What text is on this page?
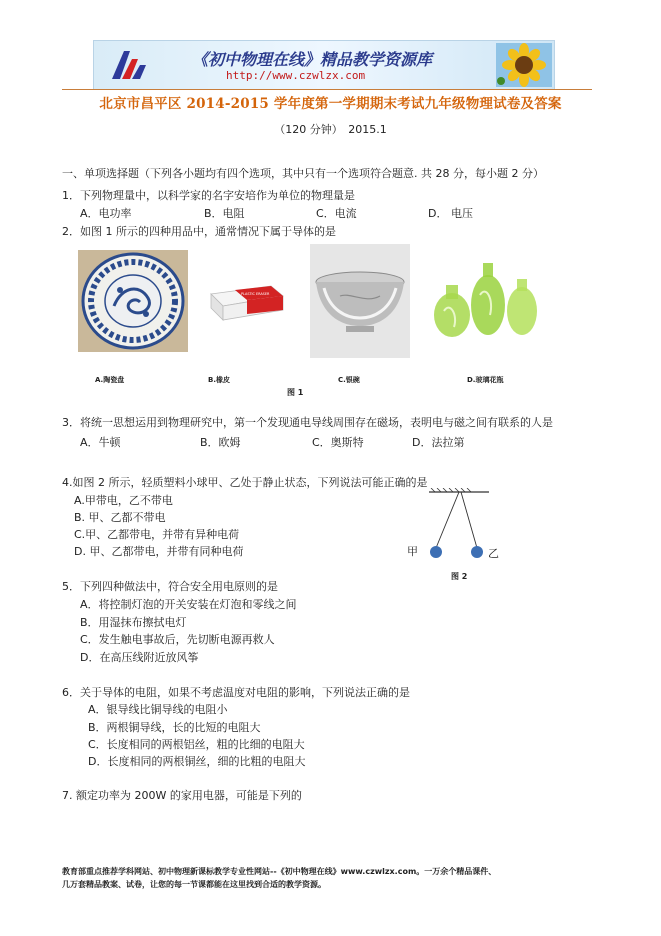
《初中物理在线》精品教学资源库
http://www.czwlzx.com
北京市昌平区 2014-2015 学年度第一学期期末考试九年级物理试卷及答案
（120 分钟）　2015.1
一、单项选择题（下列各小题均有四个选项，其中只有一个选项符合题意. 共 28 分，每小题 2 分）
1．下列物理量中，以科学家的名字安培作为单位的物理量是
A．电功率	B．电阻	C．电流	D． 电压
2．如图 1 所示的四种用品中，通常情况下属于导体的是
PLASTIC ERASER
A.陶瓷盘	B.橡皮	C.银碗	D.玻璃花瓶
图 1
3．将统一思想运用到物理研究中，第一个发现通电导线周围存在磁场，表明电与磁之间有联系的人是
A．牛顿	B．欧姆	C．奥斯特	D．法拉第
4.如图 2 所示，轻质塑料小球甲、乙处于静止状态，下列说法可能正确的是
A.甲带电，乙不带电
B. 甲、乙都不带电
C.甲、乙都带电，并带有异种电荷
D. 甲、乙都带电，并带有同种电荷	甲	乙
图 2
5．下列四种做法中，符合安全用电原则的是
A．将控制灯泡的开关安装在灯泡和零线之间
B．用湿抹布擦拭电灯
C．发生触电事故后，先切断电源再救人
D．在高压线附近放风筝
6．关于导体的电阻，如果不考虑温度对电阻的影响，下列说法正确的是
A．银导线比铜导线的电阻小
B．两根铜导线，长的比短的电阻大
C．长度相同的两根铝丝，粗的比细的电阻大
D．长度相同的两根铜丝，细的比粗的电阻大
7. 额定功率为 200W 的家用电器，可能是下列的
教育部重点推荐学科网站、初中物理新课标教学专业性网站--《初中物理在线》www.czwlzx.com。一万余个精品课件、
几万套精品教案、试卷，让您的每一节课都能在这里找到合适的教学资源。
